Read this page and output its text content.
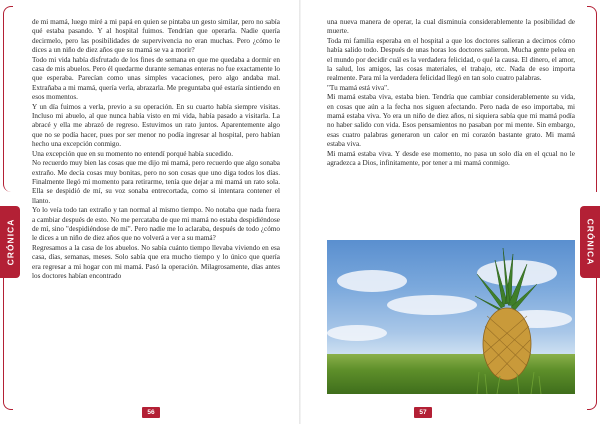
CRÓNICA

de mi mamá, luego miré a mi papá en quien se pintaba un gesto similar, pero no sabía qué estaba pasando. Y al hospital fuimos. Tendrían que operarla. Nadie quería decirmelo, pero las posibilidades de supervivencia no eran muchas. Pero ¿cómo le dices a un niño de diez años que su mamá se va a morir?

Todo mi vida había disfrutado de los fines de semana en que me quedaba a dormir en casa de mis abuelos. Pero él quedarme durante semanas enteras no fue exactamente lo que esperaba. Parecían como unas simples vacaciones, pero algo andaba mal. Extrañaba a mi mamá, quería verla, abrazarla. Me preguntaba qué estaría sintiendo en esos momentos.

Y un día fuimos a verla, previo a su operación. En su cuarto había siempre visitas. Incluso mi abuelo, al que nunca había visto en mi vida, había pasado a visitarla. La abracé y ella me abrazó de regreso. Estuvimos un rato juntos. Aparentemente algo que no se podía hacer, pues por ser menor no podía ingresar al hospital, pero habían hecho una excepción conmigo.

Una excepción que en su momento no entendí porqué había sucedido.

No recuerdo muy bien las cosas que me dijo mi mamá, pero recuerdo que algo sonaba extraño. Me decía cosas muy bonitas, pero no son cosas que uno diga todos los días. Finalmente llegó mi momento para retirarme, tenía que dejar a mi mamá un rato sola. Ella se despidió de mí, su voz sonaba entrecortada, como si intentara contener el llanto.

Yo lo veía todo tan extraño y tan normal al mismo tiempo. No notaba que nada fuera a cambiar después de esto. No me percataba de que mi mamá no estaba despidiéndose de mí, sino "despidiéndose de mí". Pero nadie me lo aclaraba, después de todo ¿cómo le dices a un niño de diez años que no volverá a ver a su mamá?

Regresamos a la casa de los abuelos. No sabía cuánto tiempo llevaba viviendo en esa casa, días, semanas, meses. Solo sabía que era mucho tiempo y lo único que quería era regresar a mi hogar con mi mamá. Pasó la operación. Milagrosamente, días antes los doctores habían encontrado

56
CRÓNICA

una nueva manera de operar, la cual disminuía considerablemente la posibilidad de muerte.

Toda mi familia esperaba en el hospital a que los doctores salieran a decirnos cómo había salido todo. Después de unas horas los doctores salieron. Mucha gente pelea en el mundo por decidir cuál es la verdadera felicidad, o qué la causa. El dinero, el amor, la salud, los amigos, las cosas materiales, el trabajo, etc. Nada de eso importa realmente. Para mí la verdadera felicidad llegó en tan solo cuatro palabras.

"Tu mamá está viva".

Mi mamá estaba viva, estaba bien. Tendría que cambiar considerablemente su vida, en cosas que aún a la fecha nos siguen afectando. Pero nada de eso importaba, mi mamá estaba viva. Yo era un niño de diez años, ni siquiera sabía que mi mamá podía no haber salido con vida. Esos pensamientos no pasaban por mi mente. Sin embargo, esas cuatro palabras generaron un calor en mi corazón bastante grato. Mi mamá estaba viva.

Mi mamá estaba viva. Y desde ese momento, no pasa un solo día en el qcual no le agradezca a Dios, infinitamente, por tener a mi mamá conmigo.

57
